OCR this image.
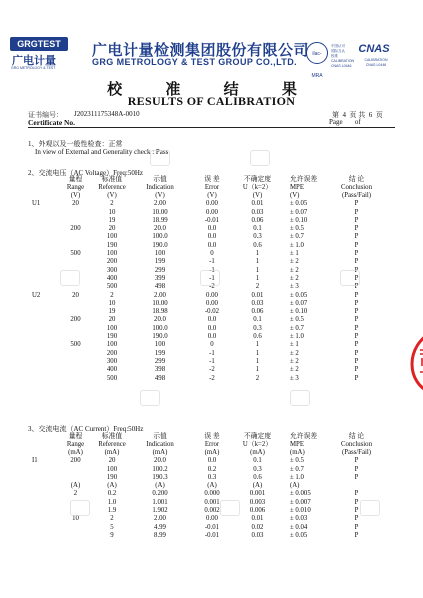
GRGTEST
广电计量
GRG METROLOGY & TEST
广电计量检测集团股份有限公司
GRG METROLOGY & TEST GROUP CO.,LTD.
ilac-MRA
中国认可
国际互认
校准
CALIBRATION
CNAS L0446
CNAS
CALIBRATION
CNAS L0446
校 准 结 果
RESULTS OF CALIBRATION
证书编号： J202311175348A-0010
Certificate No.
第  4  页 共  6  页
Page       of
1、外观以及一般性检查：正常
In view of External and Generality check : Pass
2、交流电压（AC Voltage）Freq:50Hz
	量程	标准值	示值	误 差	不确定度	允许误差	结 论
	Range	Reference	Indication	Error	U（k=2）	MPE	Conclusion
	(V)	(V)	(V)	(V)	(V)	(V)	(Pass/Fail)
U1	20	2	2.00	0.00	0.01	± 0.05	P
		10	10.00	0.00	0.03	± 0.07	P
		19	18.99	-0.01	0.06	± 0.10	P
	200	20	20.0	0.0	0.1	± 0.5	P
		100	100.0	0.0	0.3	± 0.7	P
		190	190.0	0.0	0.6	± 1.0	P
	500	100	100	0	1	± 1	P
		200	199	-1	1	± 2	P
		300	299	-1	1	± 2	P
		400	399	-1	1	± 2	P
		500	498	-2	2	± 3	P
U2	20	2	2.00	0.00	0.01	± 0.05	P
		10	10.00	0.00	0.03	± 0.07	P
		19	18.98	-0.02	0.06	± 0.10	P
	200	20	20.0	0.0	0.1	± 0.5	P
		100	100.0	0.0	0.3	± 0.7	P
		190	190.0	0.0	0.6	± 1.0	P
	500	100	100	0	1	± 1	P
		200	199	-1	1	± 2	P
		300	299	-1	1	± 2	P
		400	398	-2	1	± 2	P
		500	498	-2	2	± 3	P
3、交流电流（AC Current）Freq:50Hz
	量程	标准值	示值	误 差	不确定度	允许误差	结 论
	Range	Reference	Indication	Error	U（k=2）	MPE	Conclusion
	(mA)	(mA)	(mA)	(mA)	(mA)	(mA)	(Pass/Fail)
I1	200	20	20.0	0.0	0.1	± 0.5	P
		100	100.2	0.2	0.3	± 0.7	P
		190	190.3	0.3	0.6	± 1.0	P
	(A)	(A)	(A)	(A)	(A)	(A)	
	2	0.2	0.200	0.000	0.001	± 0.005	P
		1.0	1.001	0.001	0.003	± 0.007	P
		1.9	1.902	0.002	0.006	± 0.010	P
	10	2	2.00	0.00	0.01	± 0.03	P
		5	4.99	-0.01	0.02	± 0.04	P
		9	8.99	-0.01	0.03	± 0.05	P
